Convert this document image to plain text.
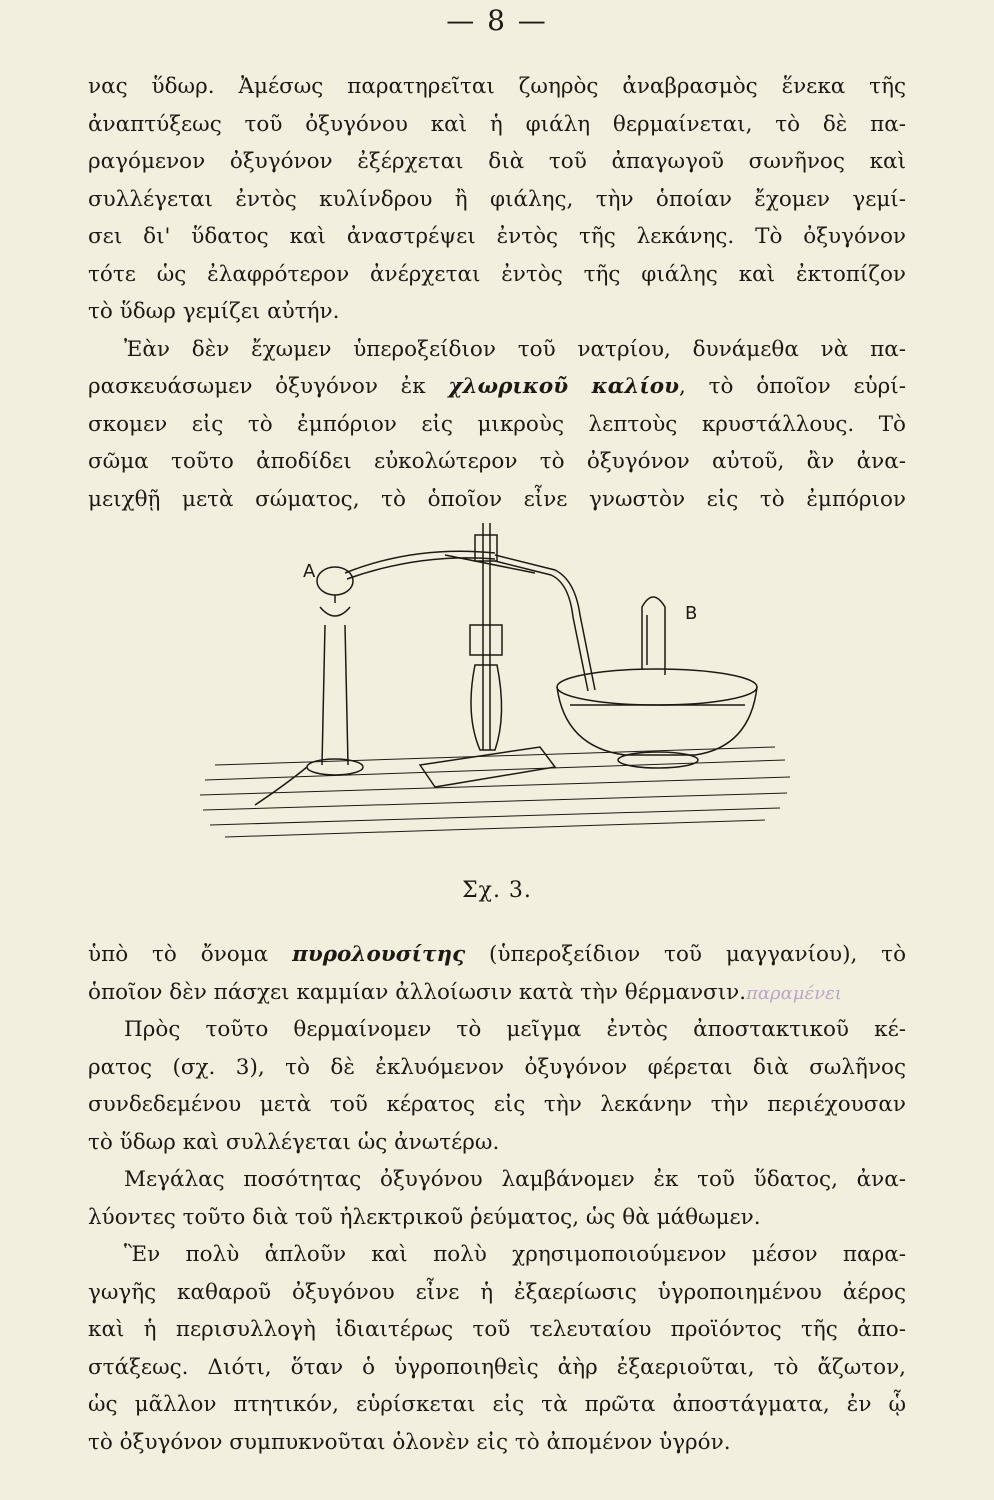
— 8 —
νας ὕδωρ. Ἀμέσως παρατηρεῖται ζωηρὸς ἀναβρασμὸς ἕνεκα τῆς
ἀναπτύξεως τοῦ ὀξυγόνου καὶ ἡ φιάλη θερμαίνεται, τὸ δὲ πα-
ραγόμενον ὀξυγόνον ἐξέρχεται διὰ τοῦ ἀπαγωγοῦ σωνῆνος καὶ
συλλέγεται ἐντὸς κυλίνδρου ἢ φιάλης, τὴν ὁποίαν ἔχομεν γεμί-
σει δι' ὕδατος καὶ ἀναστρέψει ἐντὸς τῆς λεκάνης. Τὸ ὀξυγόνον
τότε ὡς ἐλαφρότερον ἀνέρχεται ἐντὸς τῆς φιάλης καὶ ἐκτοπίζον
τὸ ὕδωρ γεμίζει αὐτήν.
Ἐὰν δὲν ἔχωμεν ὑπεροξείδιον τοῦ νατρίου, δυνάμεθα νὰ πα-
ρασκευάσωμεν ὀξυγόνον ἐκ χλωρικοῦ καλίου, τὸ ὁποῖον εὑρί-
σκομεν εἰς τὸ ἐμπόριον εἰς μικροὺς λεπτοὺς κρυστάλλους. Τὸ
σῶμα τοῦτο ἀποδίδει εὐκολώτερον τὸ ὀξυγόνον αὐτοῦ, ἂν ἀνα-
μειχθῇ μετὰ σώματος, τὸ ὁποῖον εἶνε γνωστὸν εἰς τὸ ἐμπόριον
A
B
Σχ. 3.
ὑπὸ τὸ ὄνομα πυρολουσίτης (ὑπεροξείδιον τοῦ μαγγανίου), τὸ
ὁποῖον δὲν πάσχει καμμίαν ἀλλοίωσιν κατὰ τὴν θέρμανσιν.παραμένει
Πρὸς τοῦτο θερμαίνομεν τὸ μεῖγμα ἐντὸς ἀποστακτικοῦ κέ-
ρατος (σχ. 3), τὸ δὲ ἐκλυόμενον ὀξυγόνον φέρεται διὰ σωλῆνος
συνδεδεμένου μετὰ τοῦ κέρατος εἰς τὴν λεκάνην τὴν περιέχουσαν
τὸ ὕδωρ καὶ συλλέγεται ὡς ἀνωτέρω.
Μεγάλας ποσότητας ὀξυγόνου λαμβάνομεν ἐκ τοῦ ὕδατος, ἀνα-
λύοντες τοῦτο διὰ τοῦ ἠλεκτρικοῦ ῥεύματος, ὡς θὰ μάθωμεν.
Ἓν πολὺ ἁπλοῦν καὶ πολὺ χρησιμοποιούμενον μέσον παρα-
γωγῆς καθαροῦ ὀξυγόνου εἶνε ἡ ἐξαερίωσις ὑγροποιημένου ἀέρος
καὶ ἡ περισυλλογὴ ἰδιαιτέρως τοῦ τελευταίου προϊόντος τῆς ἀπο-
στάξεως. Διότι, ὅταν ὁ ὑγροποιηθεὶς ἀὴρ ἐξαεριοῦται, τὸ ἄζωτον,
ὡς μᾶλλον πτητικόν, εὑρίσκεται εἰς τὰ πρῶτα ἀποστάγματα, ἐν ᾧ
τὸ ὀξυγόνον συμπυκνοῦται ὁλονὲν εἰς τὸ ἀπομένον ὑγρόν.
